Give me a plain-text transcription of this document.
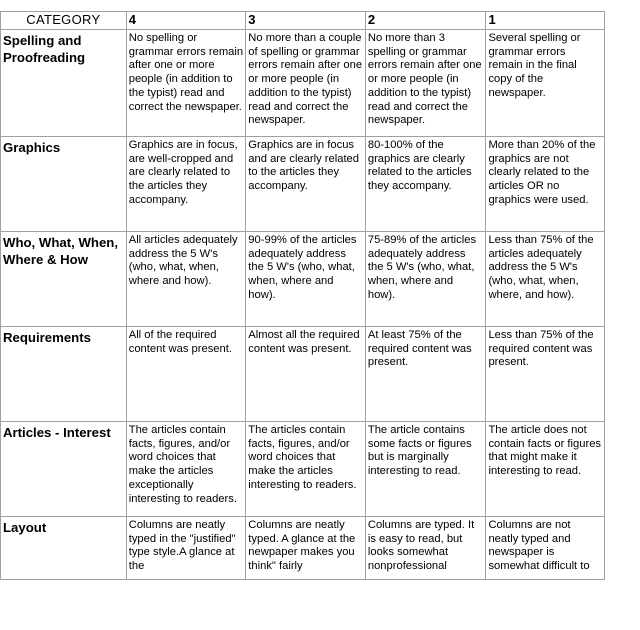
CATEGORY	4	3	2	1
Spelling and Proofreading	No spelling or grammar errors remain after one or more people (in addition to the typist) read and correct the newspaper.	No more than a couple of spelling or grammar errors remain after one or more people (in addition to the typist) read and correct the newspaper.	No more than 3 spelling or grammar errors remain after one or more people (in addition to the typist) read and correct the newspaper.	Several spelling or grammar errors remain in the final copy of the newspaper.
Graphics	Graphics are in focus, are well-cropped and are clearly related to the articles they accompany.	Graphics are in focus and are clearly related to the articles they accompany.	80-100% of the graphics are clearly related to the articles they accompany.	More than 20% of the graphics are not clearly related to the articles OR no graphics were used.
Who, What, When, Where & How	All articles adequately address the 5 W's (who, what, when, where and how).	90-99% of the articles adequately address the 5 W's (who, what, when, where and how).	75-89% of the articles adequately address the 5 W's (who, what, when, where and how).	Less than 75% of the articles adequately address the 5 W's (who, what, when, where, and how).
Requirements	All of the required content was present.	Almost all the required content was present.	At least 75% of the required content was present.	Less than 75% of the required content was present.
Articles - Interest	The articles contain facts, figures, and/or word choices that make the articles exceptionally interesting to readers.	The articles contain facts, figures, and/or word choices that make the articles interesting to readers.	The article contains some facts or figures but is marginally interesting to read.	The article does not contain facts or figures that might make it interesting to read.
Layout	Columns are neatly typed in the "justified" type style.A glance at the	Columns are neatly typed. A glance at the newpaper makes you think" fairly	Columns are typed. It is easy to read, but looks somewhat nonprofessional	Columns are not neatly typed and newspaper is somewhat difficult to
